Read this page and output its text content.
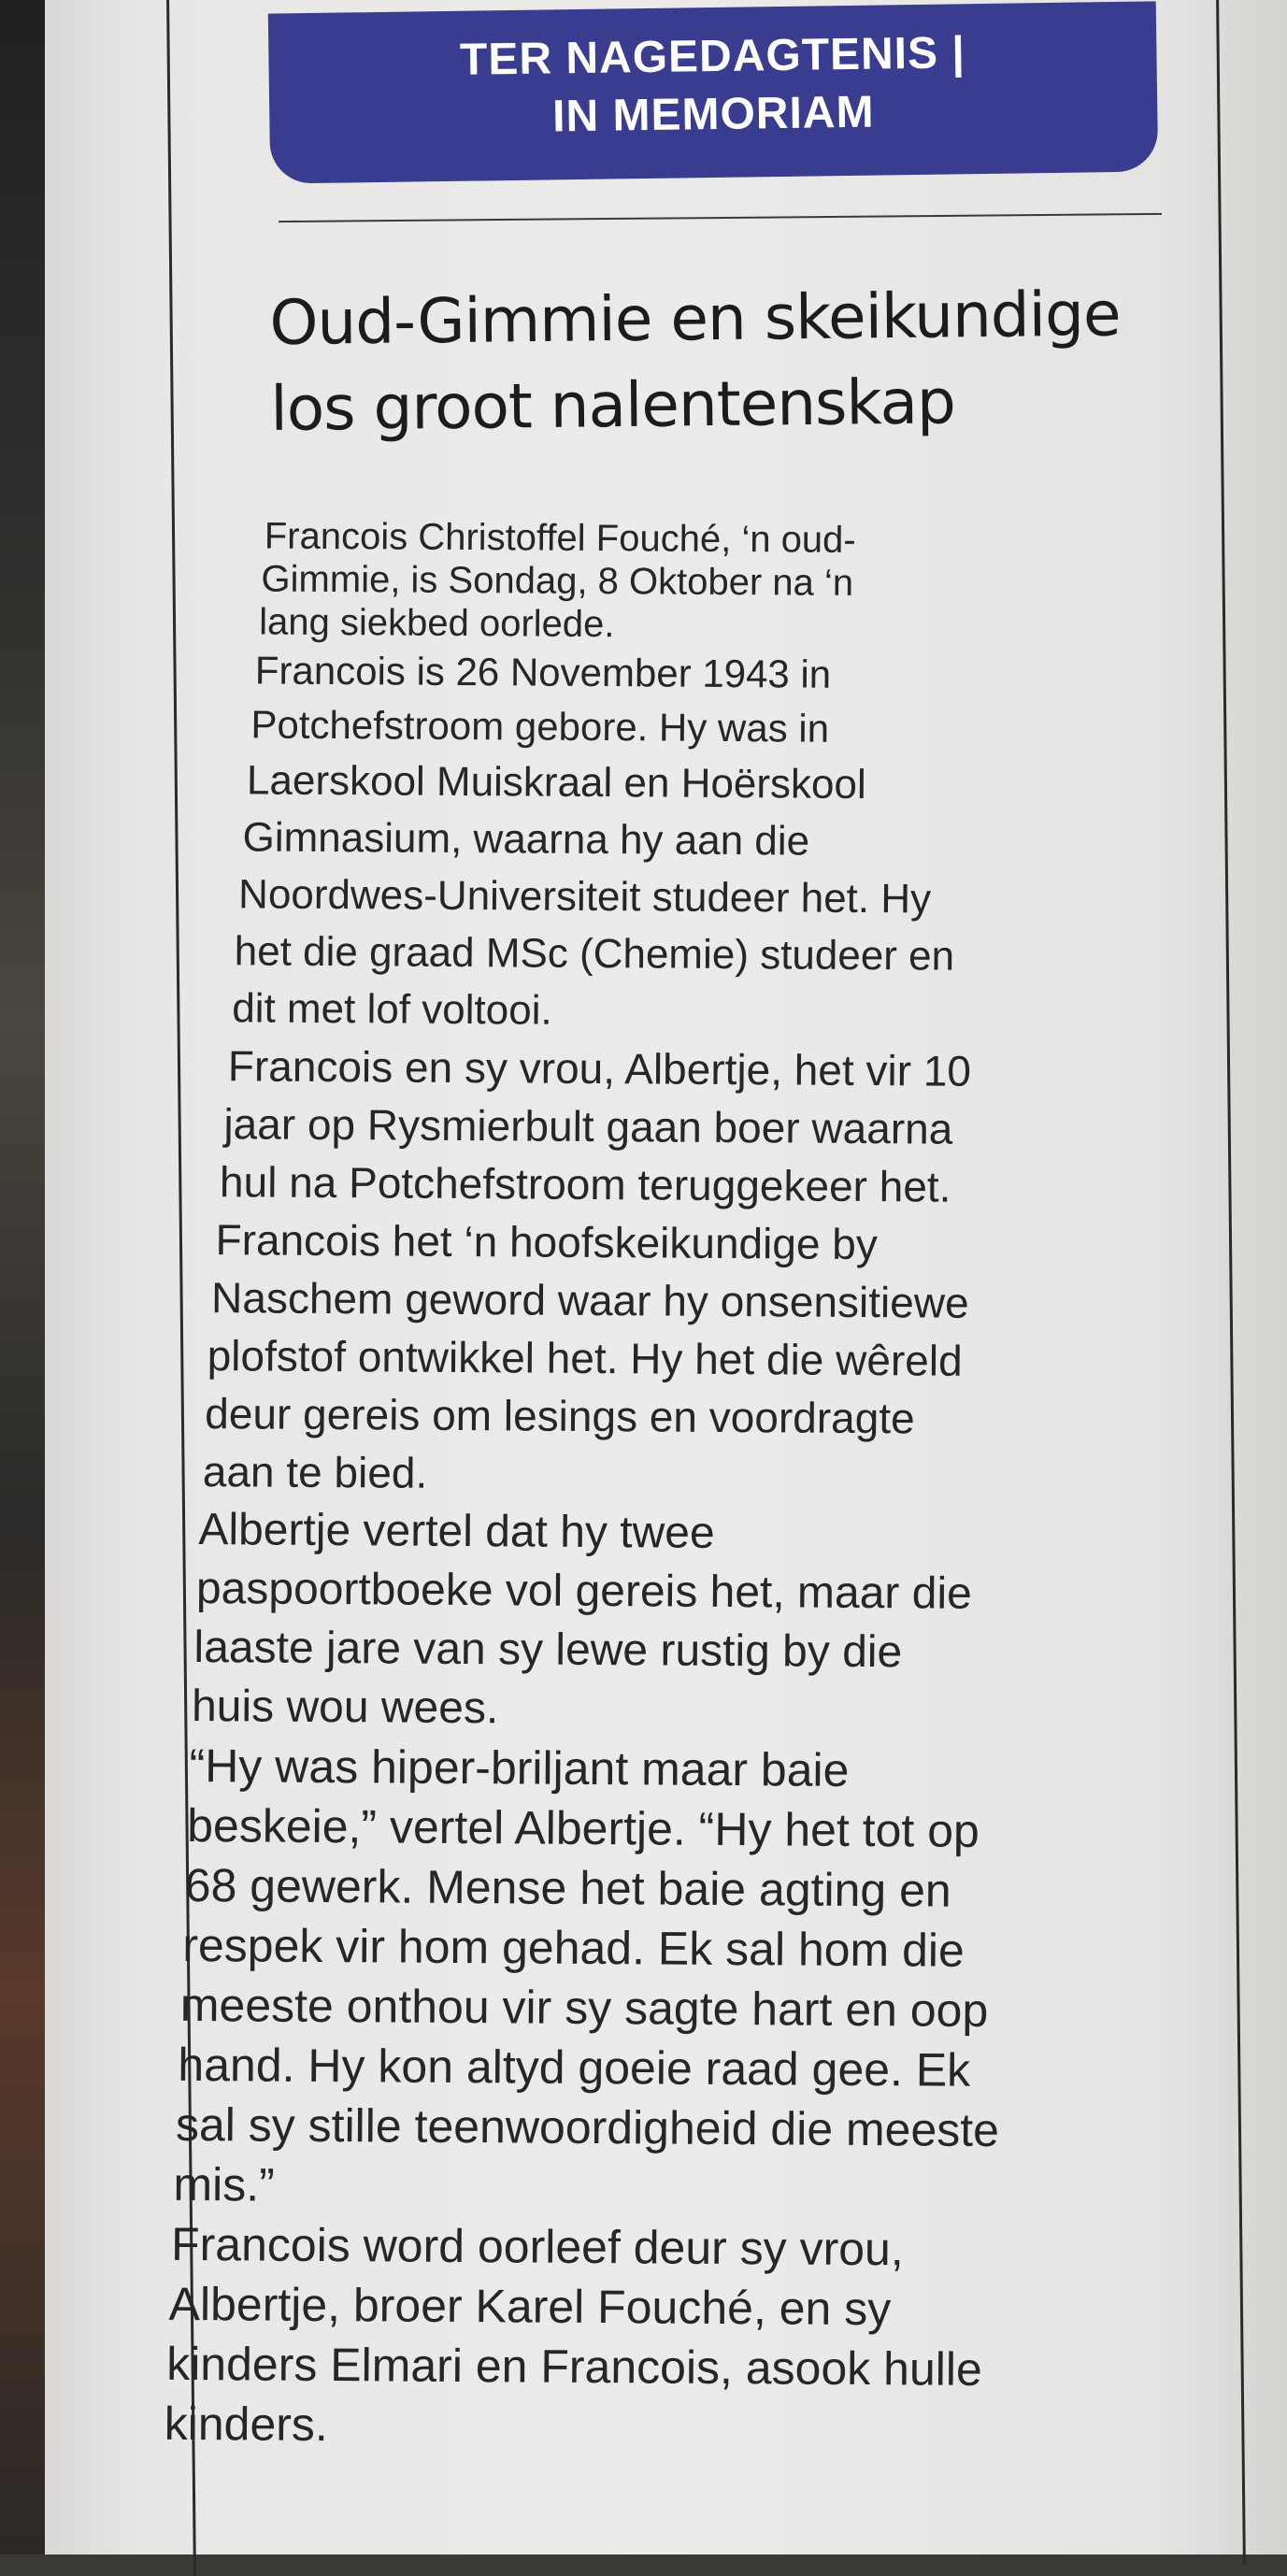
TER NAGEDAGTENIS |
IN MEMORIAM
Oud-Gimmie en skeikundige
los groot nalentenskap
Francois Christoffel Fouché, ‘n oud-
Gimmie, is Sondag, 8 Oktober na ‘n
lang siekbed oorlede.
Francois is 26 November 1943 in
Potchefstroom gebore. Hy was in
Laerskool Muiskraal en Hoërskool
Gimnasium, waarna hy aan die
Noordwes-Universiteit studeer het. Hy
het die graad MSc (Chemie) studeer en
dit met lof voltooi.
Francois en sy vrou, Albertje, het vir 10
jaar op Rysmierbult gaan boer waarna
hul na Potchefstroom teruggekeer het.
Francois het ‘n hoofskeikundige by
Naschem geword waar hy onsensitiewe
plofstof ontwikkel het. Hy het die wêreld
deur gereis om lesings en voordragte
aan te bied.
Albertje vertel dat hy twee
paspoortboeke vol gereis het, maar die
laaste jare van sy lewe rustig by die
huis wou wees.
“Hy was hiper-briljant maar baie
beskeie,” vertel Albertje. “Hy het tot op
68 gewerk. Mense het baie agting en
respek vir hom gehad. Ek sal hom die
meeste onthou vir sy sagte hart en oop
hand. Hy kon altyd goeie raad gee. Ek
sal sy stille teenwoordigheid die meeste
mis.”
Francois word oorleef deur sy vrou,
Albertje, broer Karel Fouché, en sy
kinders Elmari en Francois, asook hulle
kinders.
